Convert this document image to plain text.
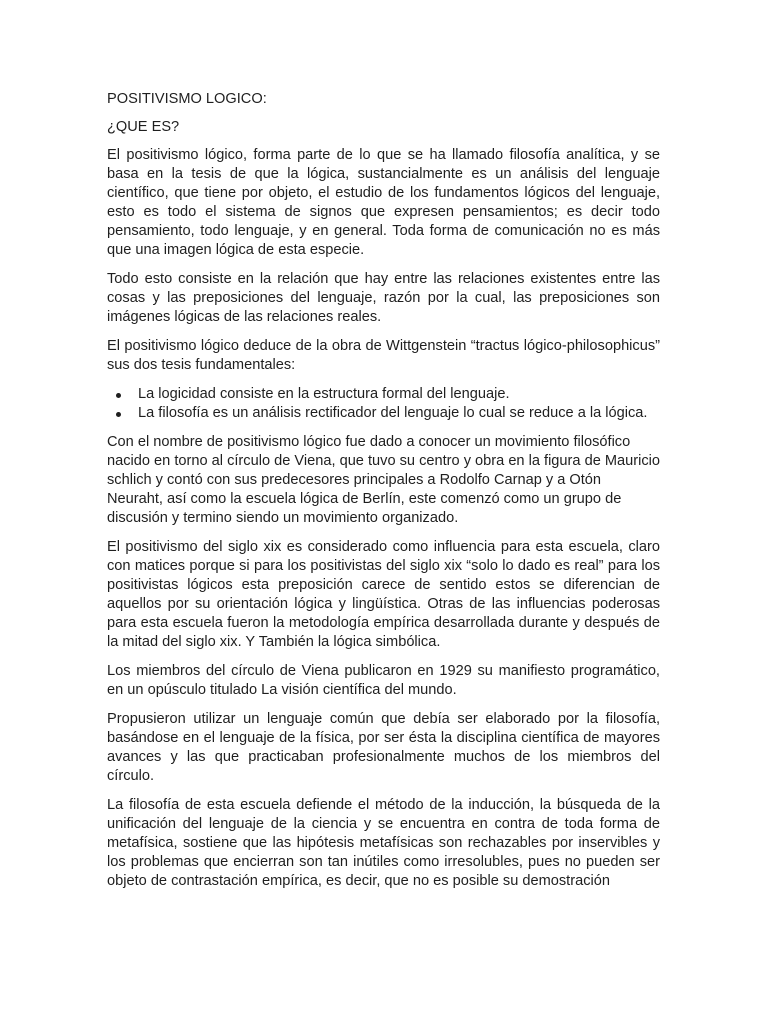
POSITIVISMO LOGICO:

¿QUE ES?

El positivismo lógico, forma parte de lo que se ha llamado filosofía analítica, y se basa en la tesis de que la lógica, sustancialmente es un análisis del lenguaje científico, que tiene por objeto, el estudio de los fundamentos lógicos del lenguaje, esto es todo el sistema de signos que expresen pensamientos; es decir todo pensamiento, todo lenguaje, y en general. Toda forma de comunicación no es más que una imagen lógica de esta especie.

Todo esto consiste en la relación que hay entre las relaciones existentes entre las cosas y las preposiciones del lenguaje, razón por la cual, las preposiciones son imágenes lógicas de las relaciones reales.

El positivismo lógico deduce de la obra de Wittgenstein “tractus lógico-philosophicus” sus dos tesis fundamentales:

La logicidad consiste en la estructura formal del lenguaje.
La filosofía es un análisis rectificador del lenguaje lo cual se reduce a la lógica.

Con el nombre de positivismo lógico fue dado a conocer un movimiento filosófico nacido en torno al círculo de Viena, que tuvo su centro y obra en la figura de Mauricio schlich y contó con sus predecesores principales a Rodolfo Carnap y a Otón Neuraht, así como la escuela lógica de Berlín, este comenzó como un grupo de discusión y termino siendo un movimiento organizado.

El positivismo del siglo xix es considerado como influencia para esta escuela, claro con matices porque si para los positivistas del siglo xix “solo lo dado es real” para los positivistas lógicos esta preposición carece de sentido estos se diferencian de aquellos por su orientación lógica y lingüística. Otras de las influencias poderosas para esta escuela fueron la metodología empírica desarrollada durante y después de la mitad del siglo xix. Y También la lógica simbólica.

Los miembros del círculo de Viena publicaron en 1929 su manifiesto programático, en un opúsculo titulado La visión científica del mundo.

Propusieron utilizar un lenguaje común que debía ser elaborado por la filosofía, basándose en el lenguaje de la física, por ser ésta la disciplina científica de mayores avances y las que practicaban profesionalmente muchos de los miembros del círculo.

La filosofía de esta escuela defiende el método de la inducción, la búsqueda de la unificación del lenguaje de la ciencia y se encuentra en contra de toda forma de metafísica, sostiene que las hipótesis metafísicas son rechazables por inservibles y los problemas que encierran son tan inútiles como irresolubles, pues no pueden ser objeto de contrastación empírica, es decir, que no es posible su demostración
